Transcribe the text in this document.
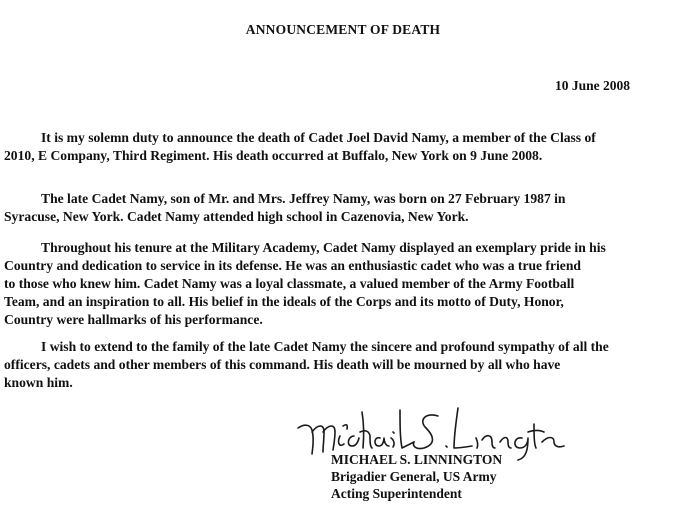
ANNOUNCEMENT OF DEATH
10 June 2008

It is my solemn duty to announce the death of Cadet Joel David Namy, a member of the Class of
2010, E Company, Third Regiment. His death occurred at Buffalo, New York on 9 June 2008.

The late Cadet Namy, son of Mr. and Mrs. Jeffrey Namy, was born on 27 February 1987 in
Syracuse, New York. Cadet Namy attended high school in Cazenovia, New York.

Throughout his tenure at the Military Academy, Cadet Namy displayed an exemplary pride in his
Country and dedication to service in its defense. He was an enthusiastic cadet who was a true friend
to those who knew him. Cadet Namy was a loyal classmate, a valued member of the Army Football
Team, and an inspiration to all. His belief in the ideals of the Corps and its motto of Duty, Honor,
Country were hallmarks of his performance.

I wish to extend to the family of the late Cadet Namy the sincere and profound sympathy of all the
officers, cadets and other members of this command. His death will be mourned by all who have
known him.

MICHAEL S. LINNINGTON
Brigadier General, US Army
Acting Superintendent
